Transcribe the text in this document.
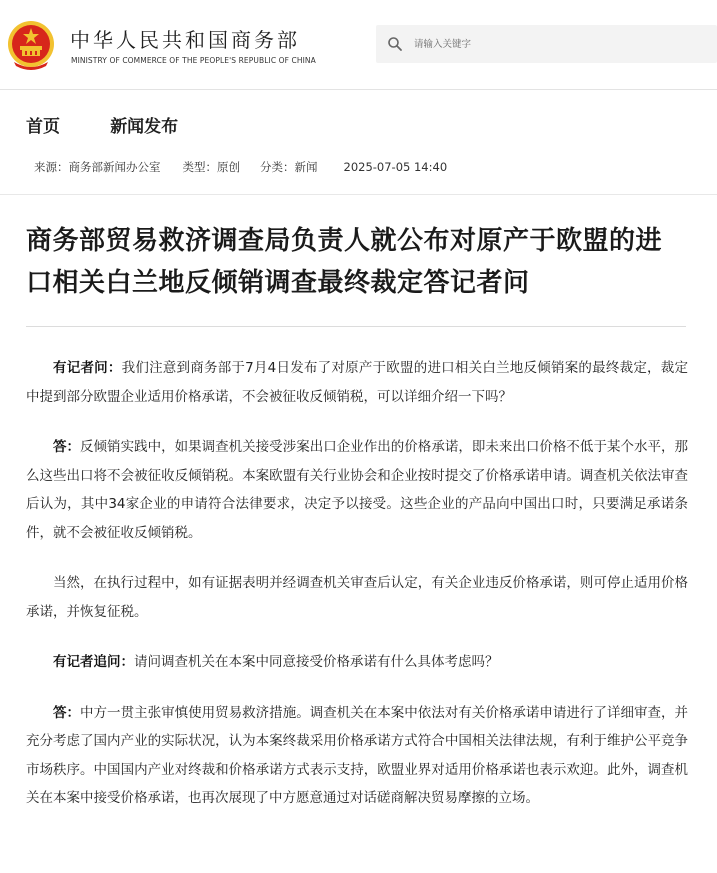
中华人民共和国商务部
MINISTRY OF COMMERCE OF THE PEOPLE'S REPUBLIC OF CHINA
请输入关键字
首页	新闻发布
来源：商务部新闻办公室 类型：原创 分类：新闻 2025-07-05 14:40
商务部贸易救济调查局负责人就公布对原产于欧盟的进口相关白兰地反倾销调查最终裁定答记者问

有记者问：我们注意到商务部于7月4日发布了对原产于欧盟的进口相关白兰地反倾销案的最终裁定，裁定中提到部分欧盟企业适用价格承诺，不会被征收反倾销税，可以详细介绍一下吗？

答：反倾销实践中，如果调查机关接受涉案出口企业作出的价格承诺，即未来出口价格不低于某个水平，那么这些出口将不会被征收反倾销税。本案欧盟有关行业协会和企业按时提交了价格承诺申请。调查机关依法审查后认为，其中34家企业的申请符合法律要求，决定予以接受。这些企业的产品向中国出口时，只要满足承诺条件，就不会被征收反倾销税。

当然，在执行过程中，如有证据表明并经调查机关审查后认定，有关企业违反价格承诺，则可停止适用价格承诺，并恢复征税。

有记者追问：请问调查机关在本案中同意接受价格承诺有什么具体考虑吗？

答：中方一贯主张审慎使用贸易救济措施。调查机关在本案中依法对有关价格承诺申请进行了详细审查，并充分考虑了国内产业的实际状况，认为本案终裁采用价格承诺方式符合中国相关法律法规，有利于维护公平竞争市场秩序。中国国内产业对终裁和价格承诺方式表示支持，欧盟业界对适用价格承诺也表示欢迎。此外，调查机关在本案中接受价格承诺，也再次展现了中方愿意通过对话磋商解决贸易摩擦的立场。
